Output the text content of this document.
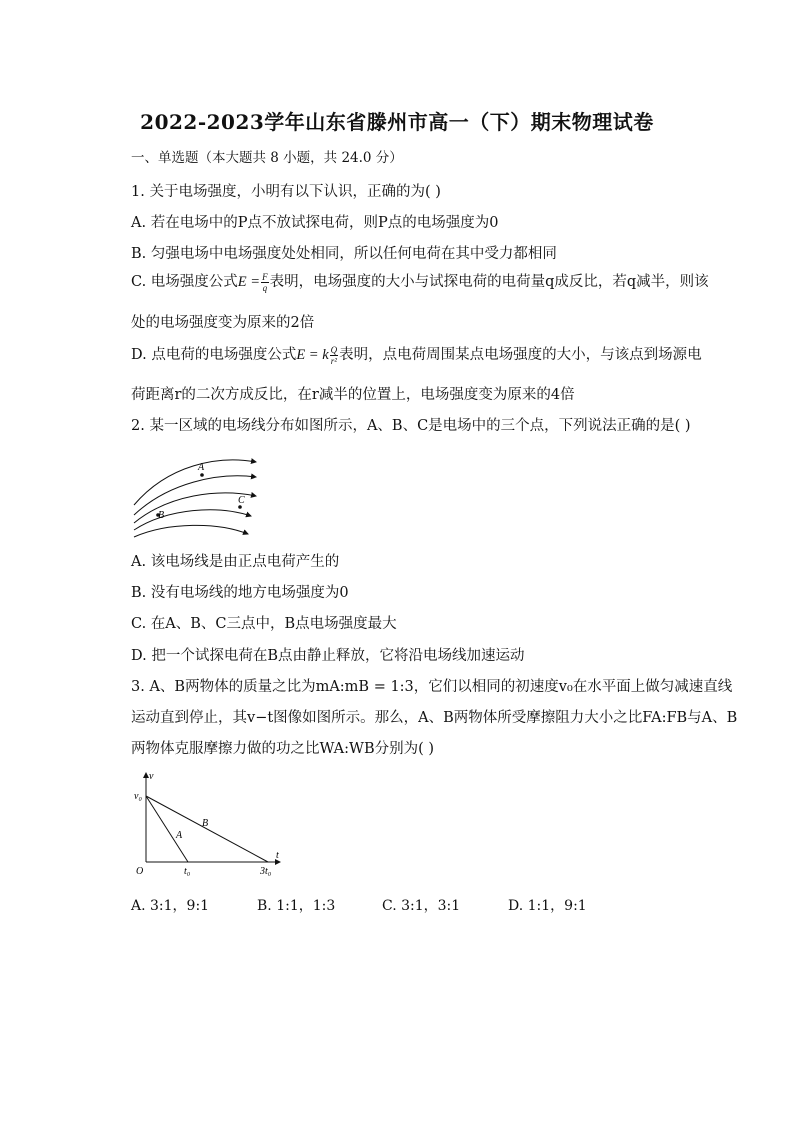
2022-2023学年山东省滕州市高一（下）期末物理试卷
一、单选题（本大题共 8 小题，共 24.0 分）
1. 关于电场强度，小明有以下认识，正确的为( )
A. 若在电场中的P点不放试探电荷，则P点的电场强度为0
B. 匀强电场中电场强度处处相同，所以任何电荷在其中受力都相同
C. 电场强度公式$E = \frac{F}{q}$ 表明，电场强度的大小与试探电荷的电荷量q成反比，若q减半，则该
处的电场强度变为原来的2倍
D. 点电荷的电场强度公式E = k $\frac{Q}{\text{r²}}$ 表明，点电荷周围某点电场强度的大小，与该点到场源电
荷距离r的二次方成反比，在r减半的位置上，电场强度变为原来的4倍
2. 某一区域的电场线分布如图所示，A、B、C是电场中的三个点，下列说法正确的是( )
A
B
C
A. 该电场线是由正点电荷产生的
B. 没有电场线的地方电场强度为0
C. 在A、B、C三点中，B点电场强度最大
D. 把一个试探电荷在B点由静止释放，它将沿电场线加速运动
3. A、B两物体的质量之比为mA:mB = 1:3，它们以相同的初速度v₀在水平面上做匀减速直线
运动直到停止，其v−t图像如图所示。那么，A、B两物体所受摩擦阻力大小之比FA:FB与A、B
两物体克服摩擦力做的功之比WA:WB分别为( )
v
t
O
v₀
t₀	3t₀
A
B
A. 3:1，9:1	B. 1:1，1:3	C. 3:1，3:1	D. 1:1，9:1
